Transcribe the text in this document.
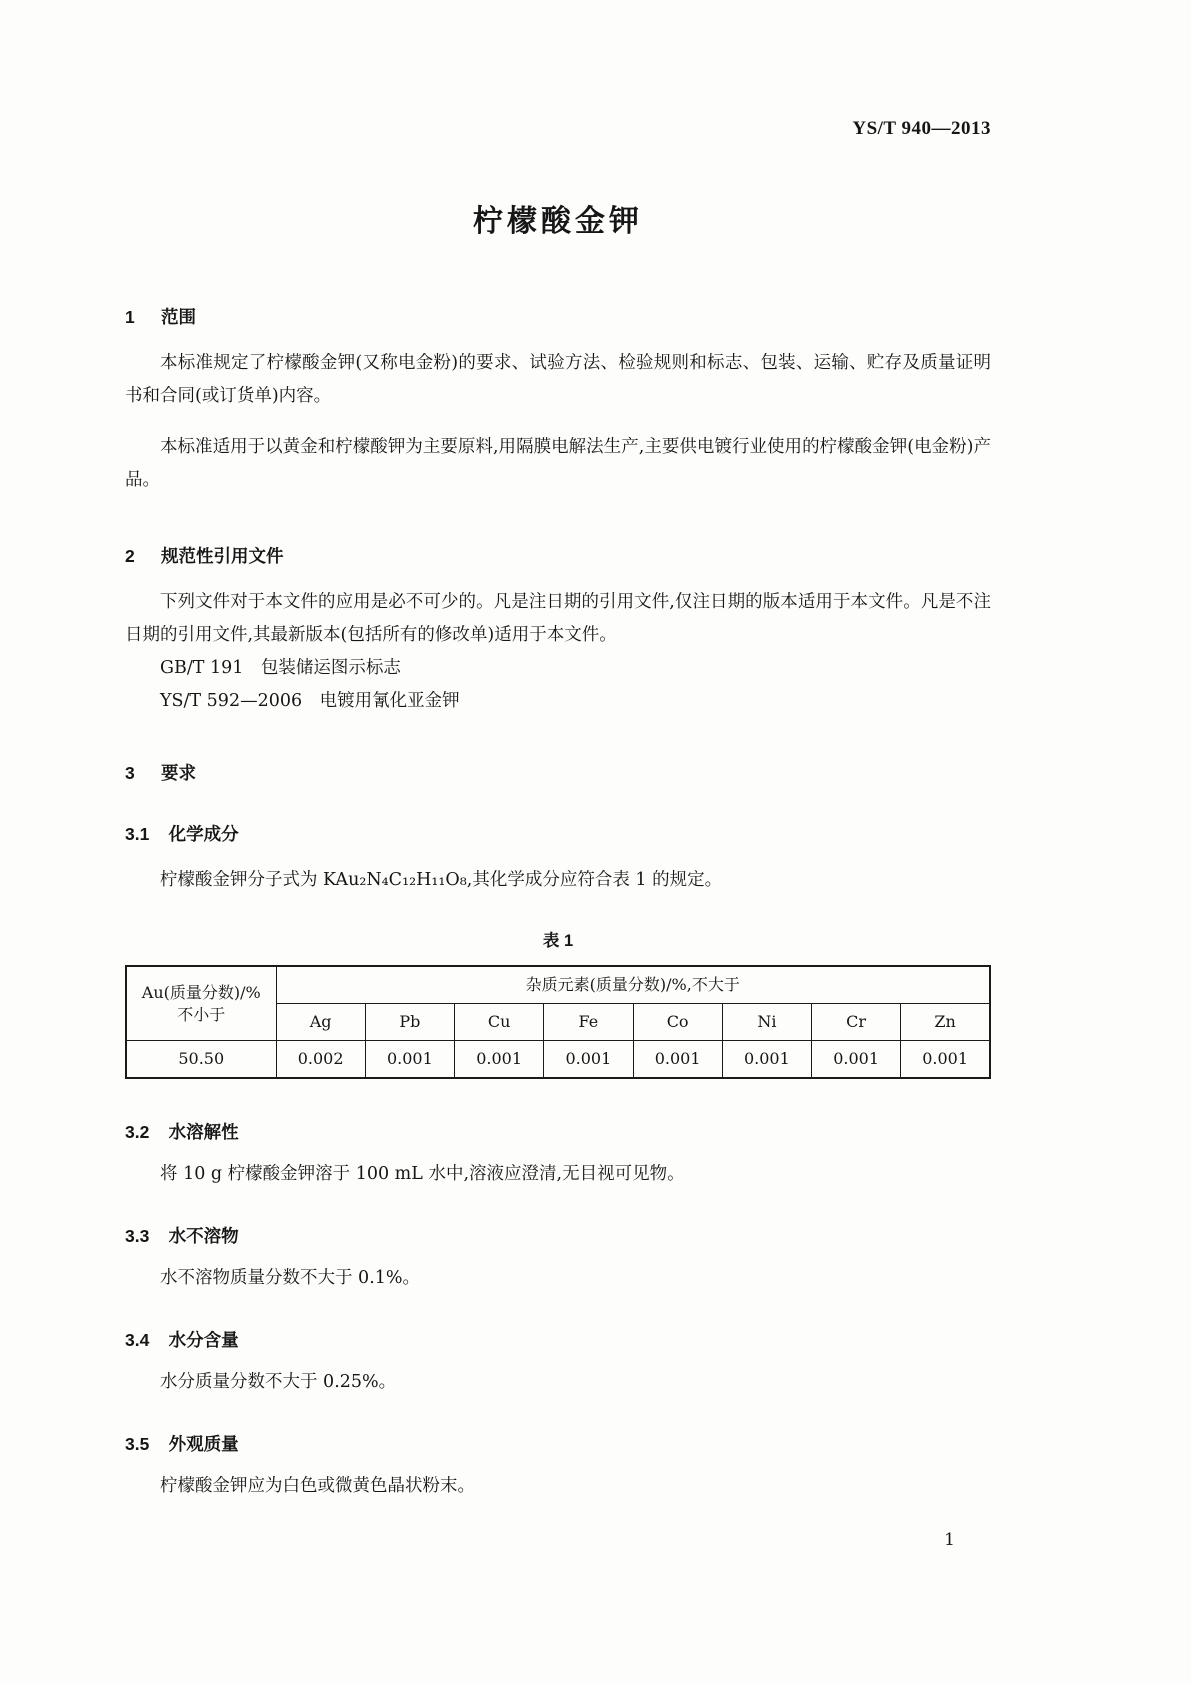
YS/T 940—2013
柠檬酸金钾
1 范围

本标准规定了柠檬酸金钾(又称电金粉)的要求、试验方法、检验规则和标志、包装、运输、贮存及质量证明书和合同(或订货单)内容。

本标准适用于以黄金和柠檬酸钾为主要原料,用隔膜电解法生产,主要供电镀行业使用的柠檬酸金钾(电金粉)产品。

2 规范性引用文件

下列文件对于本文件的应用是必不可少的。凡是注日期的引用文件,仅注日期的版本适用于本文件。凡是不注日期的引用文件,其最新版本(包括所有的修改单)适用于本文件。

GB/T 191　包装储运图示标志

YS/T 592—2006　电镀用氰化亚金钾

3 要求
3.1 化学成分

柠檬酸金钾分子式为 KAu₂N₄C₁₂H₁₁O₈,其化学成分应符合表 1 的规定。

表 1
Au(质量分数)/%
不小于	杂质元素(质量分数)/%,不大于							
	Ag	Pb	Cu	Fe	Co	Ni	Cr	Zn
50.50	0.002	0.001	0.001	0.001	0.001	0.001	0.001	0.001
3.2 水溶解性

将 10 g 柠檬酸金钾溶于 100 mL 水中,溶液应澄清,无目视可见物。

3.3 水不溶物

水不溶物质量分数不大于 0.1%。

3.4 水分含量

水分质量分数不大于 0.25%。

3.5 外观质量

柠檬酸金钾应为白色或微黄色晶状粉末。

1
